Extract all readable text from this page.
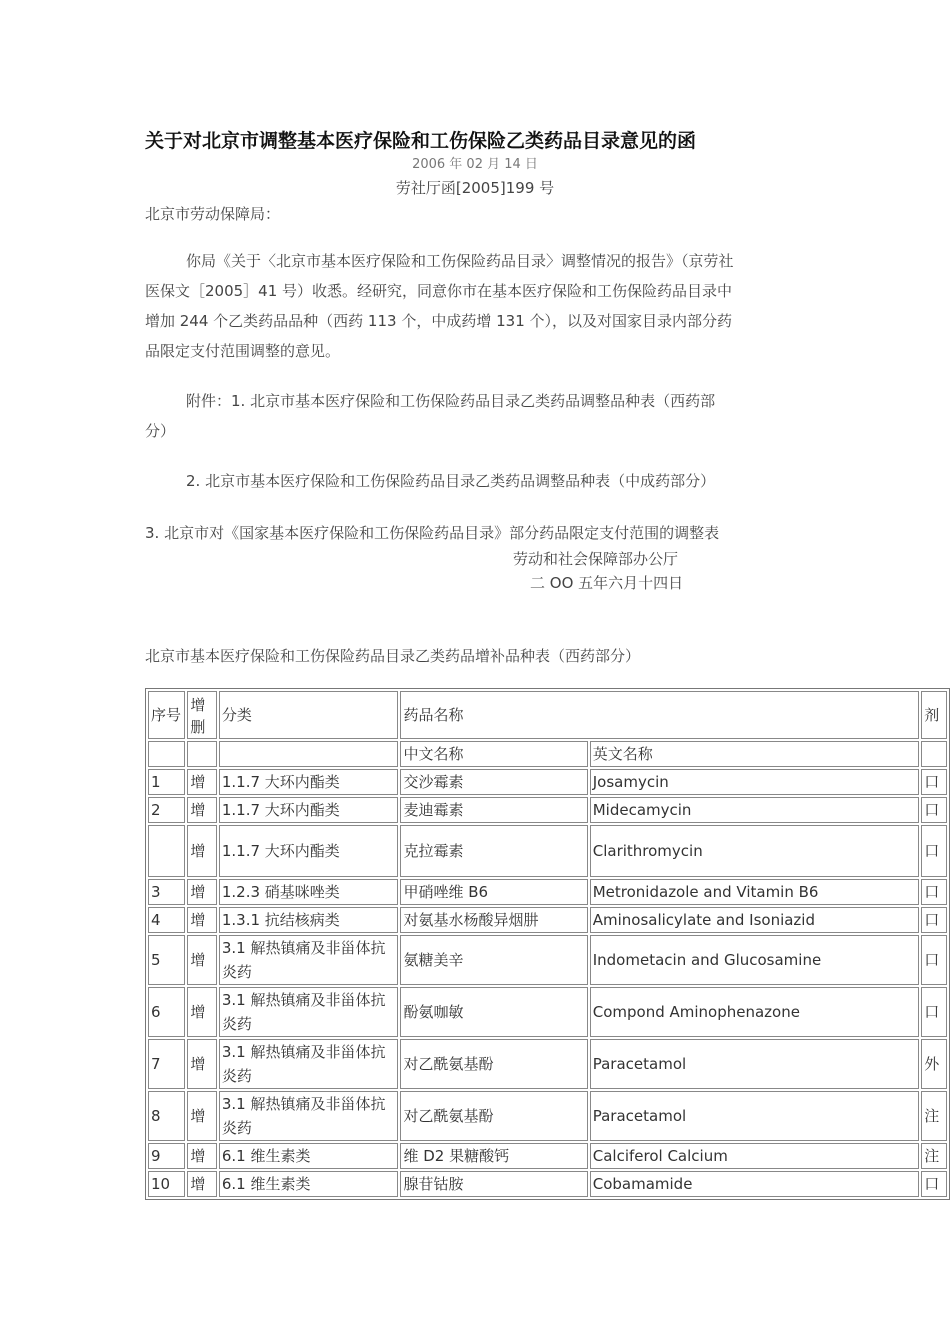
关于对北京市调整基本医疗保险和工伤保险乙类药品目录意见的函
2006 年 02 月 14 日
劳社厅函[2005]199 号
北京市劳动保障局：
你局《关于〈北京市基本医疗保险和工伤保险药品目录〉调整情况的报告》（京劳社
医保文［2005］41 号）收悉。经研究，同意你市在基本医疗保险和工伤保险药品目录中
增加 244 个乙类药品品种（西药 113 个，中成药增 131 个），以及对国家目录内部分药
品限定支付范围调整的意见。
附件：1. 北京市基本医疗保险和工伤保险药品目录乙类药品调整品种表（西药部
分）
2. 北京市基本医疗保险和工伤保险药品目录乙类药品调整品种表（中成药部分）
3. 北京市对《国家基本医疗保险和工伤保险药品目录》部分药品限定支付范围的调整表
劳动和社会保障部办公厅
二 OO 五年六月十四日
北京市基本医疗保险和工伤保险药品目录乙类药品增补品种表（西药部分）
序号	增删	分类	药品名称		剂
			中文名称	英文名称	
1	增	1.1.7 大环内酯类	交沙霉素	Josamycin	口
2	增	1.1.7 大环内酯类	麦迪霉素	Midecamycin	口
	增	1.1.7 大环内酯类	克拉霉素	Clarithromycin	口
3	增	1.2.3 硝基咪唑类	甲硝唑维 B6	Metronidazole and Vitamin B6	口
4	增	1.3.1 抗结核病类	对氨基水杨酸异烟肼	Aminosalicylate and Isoniazid	口
5	增	3.1 解热镇痛及非甾体抗炎药	氨糖美辛	Indometacin and Glucosamine	口
6	增	3.1 解热镇痛及非甾体抗炎药	酚氨咖敏	Compond Aminophenazone	口
7	增	3.1 解热镇痛及非甾体抗炎药	对乙酰氨基酚	Paracetamol	外
8	增	3.1 解热镇痛及非甾体抗炎药	对乙酰氨基酚	Paracetamol	注
9	增	6.1 维生素类	维 D2 果糖酸钙	Calciferol Calcium	注
10	增	6.1 维生素类	腺苷钴胺	Cobamamide	口
